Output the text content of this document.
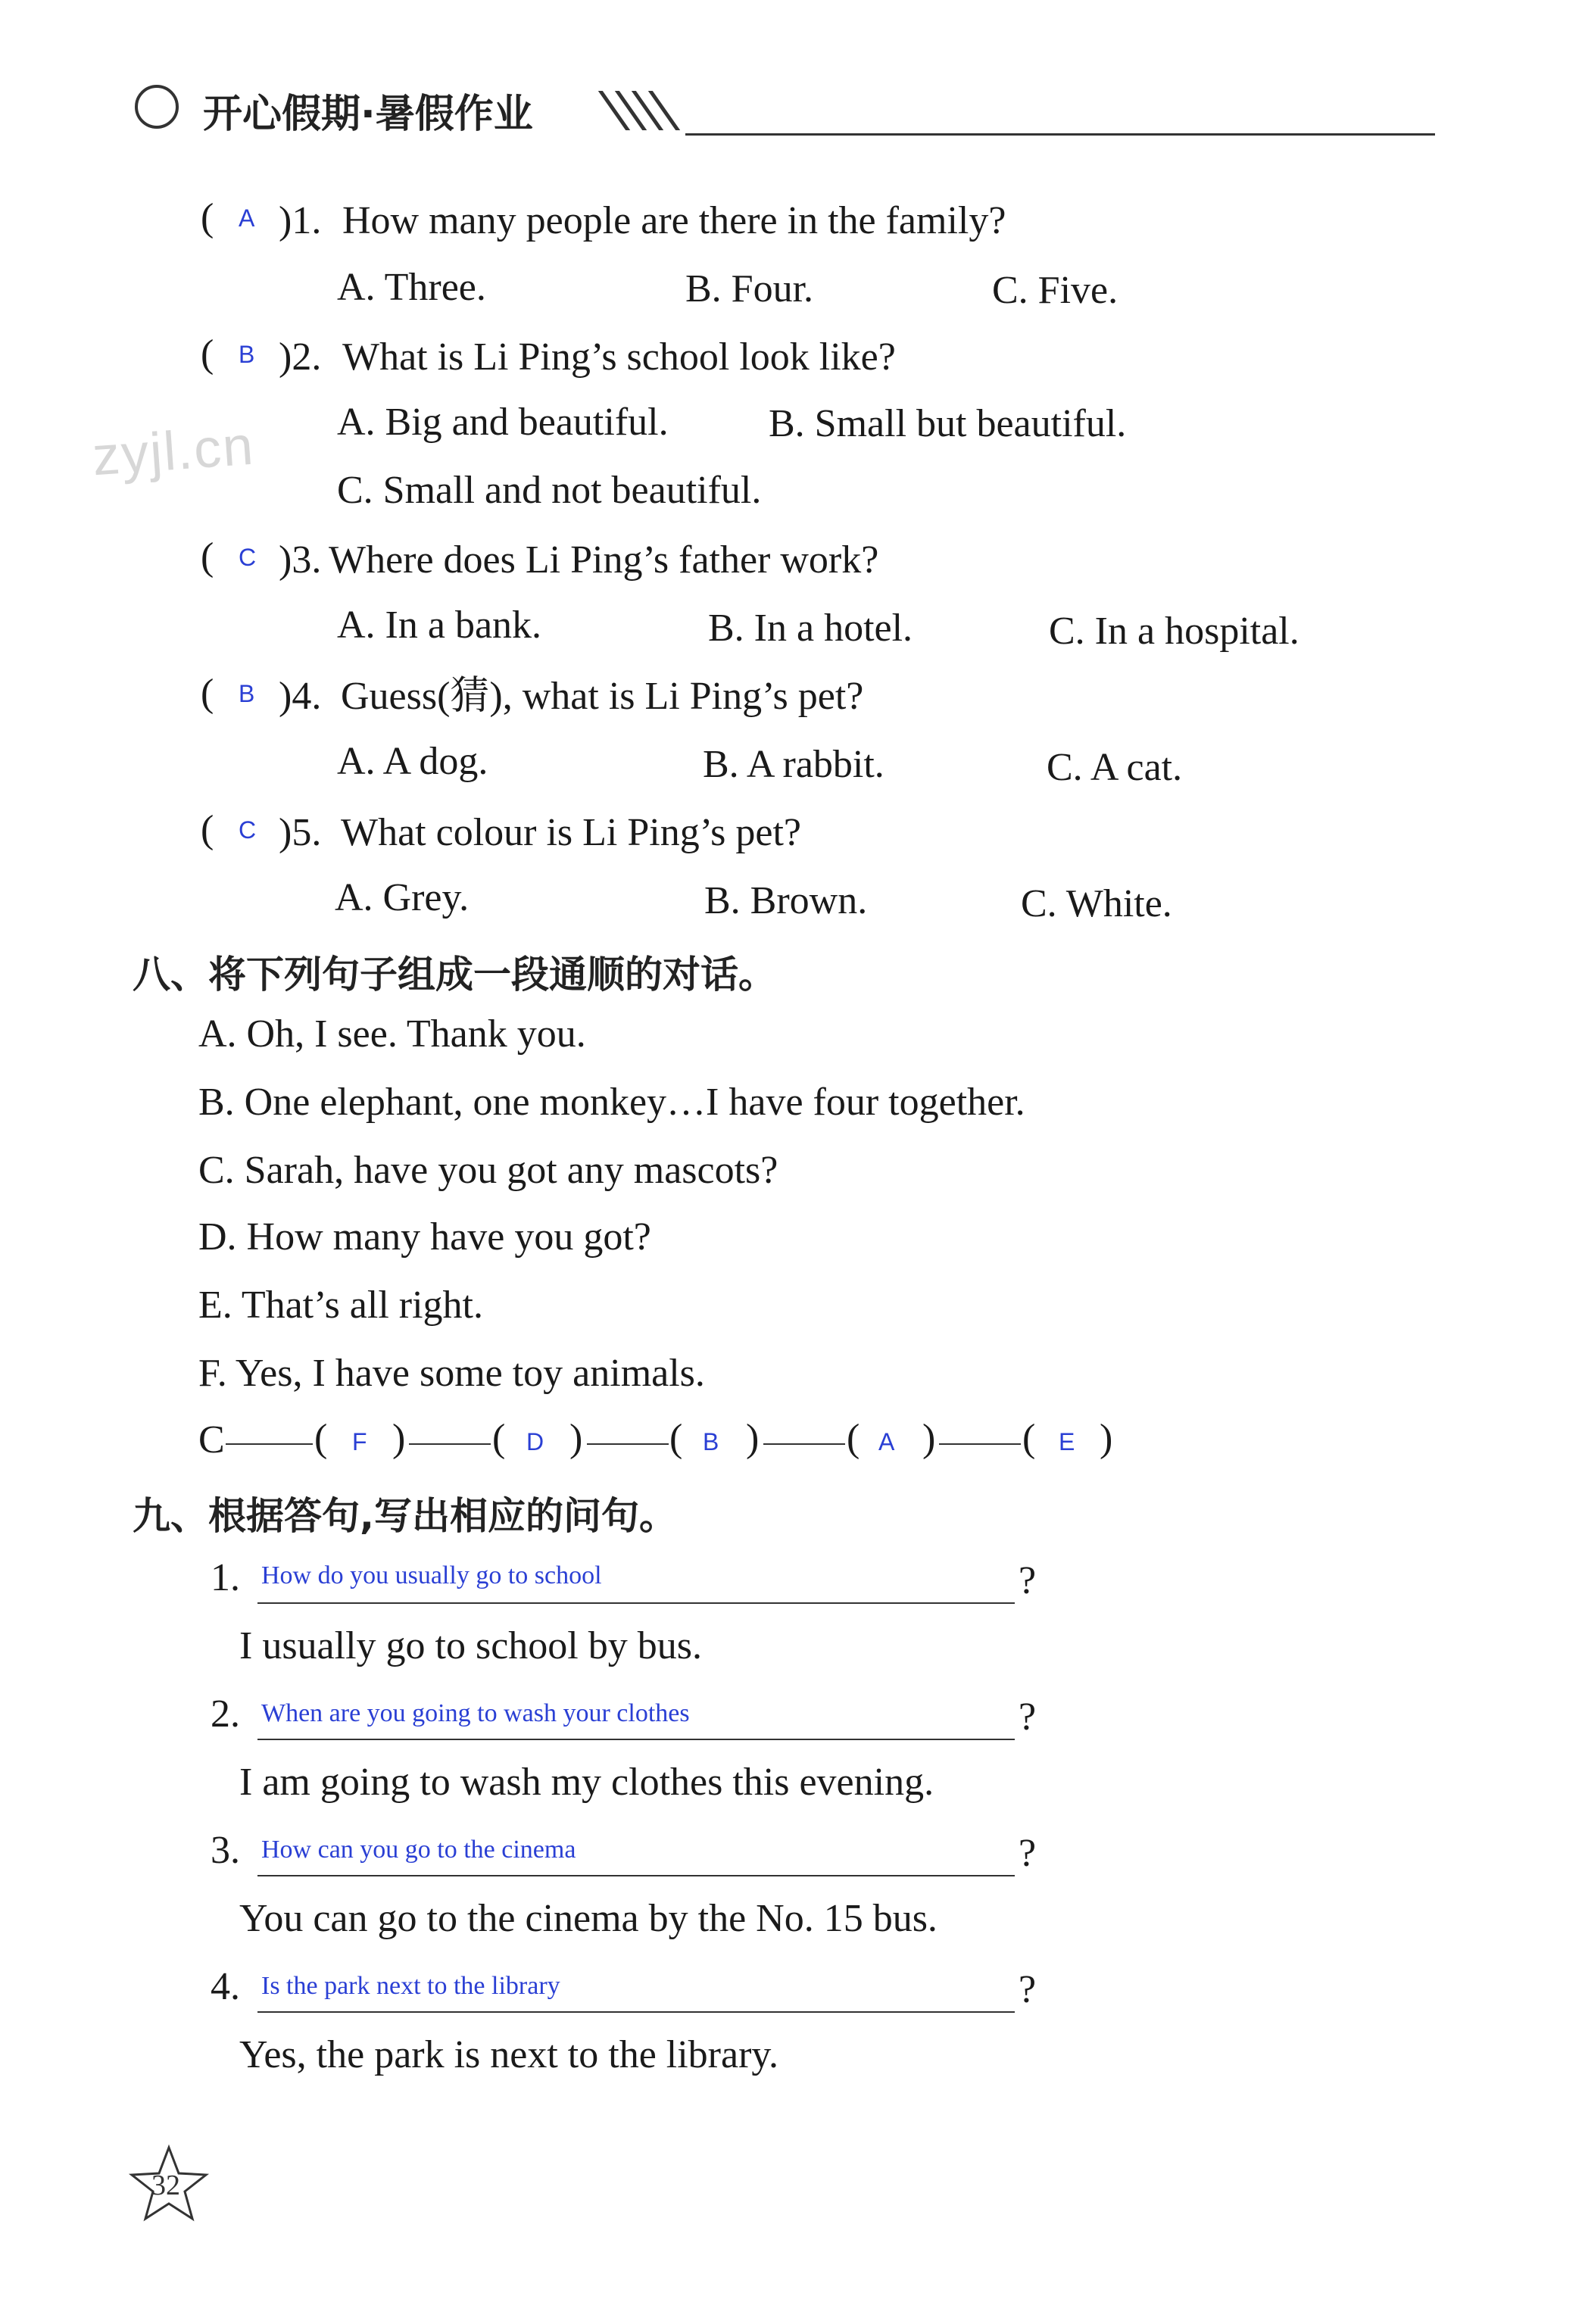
开心假期·暑假作业
zyjl.cn
( A )1. How many people are there in the family?
A. Three.	B. Four.	C. Five.
( B )2. What is Li Ping’s school look like?
A. Big and beautiful.	B. Small but beautiful.
C. Small and not beautiful.
( C )3. Where does Li Ping’s father work?
A. In a bank.	B. In a hotel.	C. In a hospital.
( B )4. Guess(猜), what is Li Ping’s pet?
A. A dog.	B. A rabbit.	C. A cat.
( C )5. What colour is Li Ping’s pet?
A. Grey.	B. Brown.	C. White.
八、将下列句子组成一段通顺的对话。
A. Oh, I see. Thank you.
B. One elephant, one monkey…I have four together.
C. Sarah, have you got any mascots?
D. How many have you got?
E. That’s all right.
F. Yes, I have some toy animals.
C ( F ) ( D ) ( B ) ( A ) ( E )
九、根据答句,写出相应的问句。
1. How do you usually go to school	?
I usually go to school by bus.
2. When are you going to wash your clothes	?
I am going to wash my clothes this evening.
3. How can you go to the cinema	?
You can go to the cinema by the No. 15 bus.
4. Is the park next to the library	?
Yes, the park is next to the library.
32
